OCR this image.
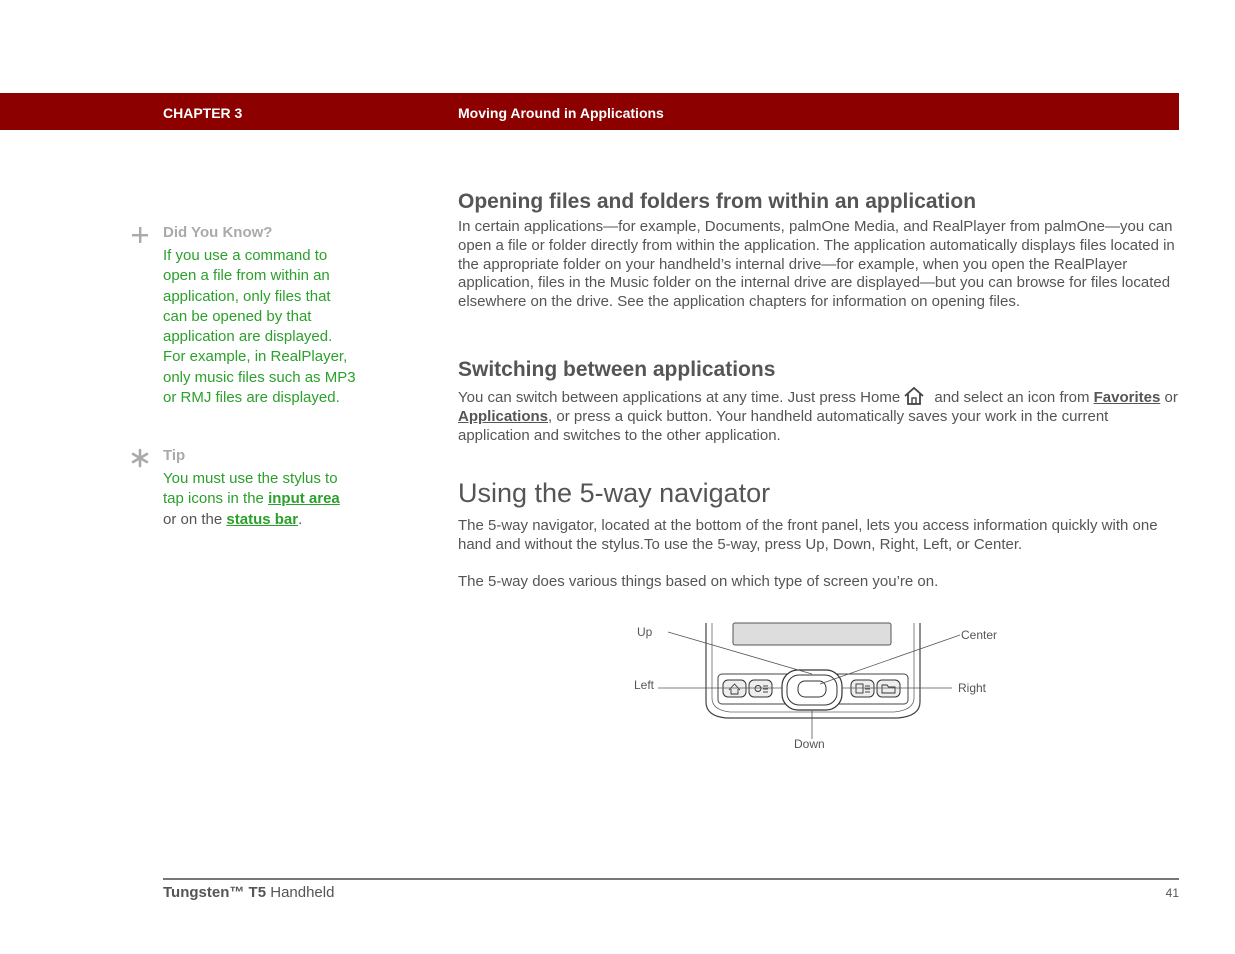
CHAPTER 3	Moving Around in Applications
Did You Know?
If you use a command to open a file from within an application, only files that can be opened by that application are displayed. For example, in RealPlayer, only music files such as MP3 or RMJ files are displayed.
Tip
You must use the stylus to tap icons in the input area or on the status bar.
Opening files and folders from within an application

In certain applications—for example, Documents, palmOne Media, and RealPlayer from palmOne—you can open a file or folder directly from within the application. The application automatically displays files located in the appropriate folder on your handheld’s internal drive—for example, when you open the RealPlayer application, files in the Music folder on the internal drive are displayed—but you can browse for files located elsewhere on the drive. See the application chapters for information on opening files.

Switching between applications

You can switch between applications at any time. Just press Home and select an icon from Favorites or Applications, or press a quick button. Your handheld automatically saves your work in the current application and switches to the other application.

Using the 5-way navigator

The 5-way navigator, located at the bottom of the front panel, lets you access information quickly with one hand and without the stylus.To use the 5-way, press Up, Down, Right, Left, or Center.

The 5-way does various things based on which type of screen you’re on.

Up	Center
Left	Right
Down
Tungsten™ T5 Handheld	41
